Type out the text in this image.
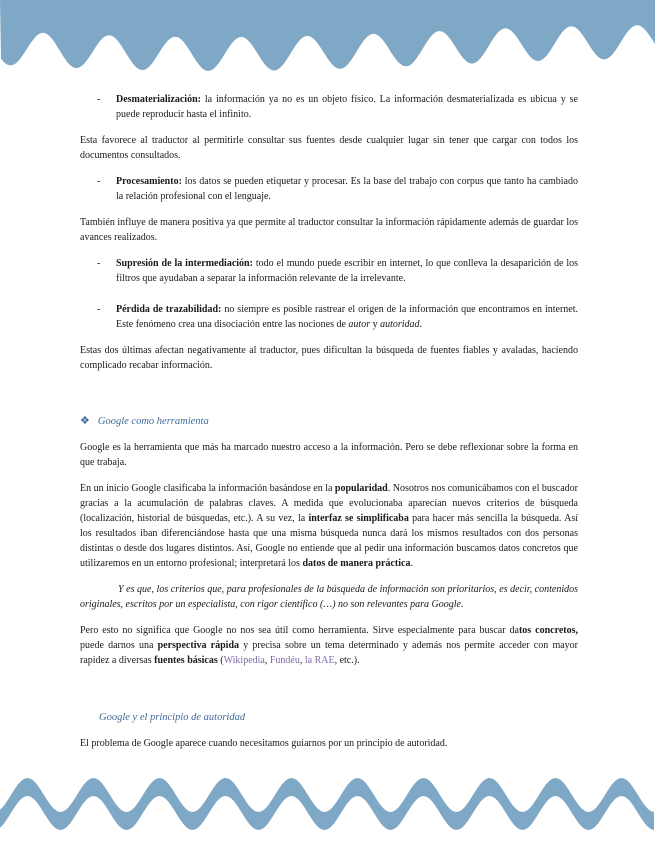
- Desmaterialización: la información ya no es un objeto físico. La información desmaterializada es ubicua y se puede reproducir hasta el infinito.

Esta favorece al traductor al permitirle consultar sus fuentes desde cualquier lugar sin tener que cargar con todos los documentos consultados.

- Procesamiento: los datos se pueden etiquetar y procesar. Es la base del trabajo con corpus que tanto ha cambiado la relación profesional con el lenguaje.

También influye de manera positiva ya que permite al traductor consultar la información rápidamente además de guardar los avances realizados.

- Supresión de la intermediación: todo el mundo puede escribir en internet, lo que conlleva la desaparición de los filtros que ayudaban a separar la información relevante de la irrelevante.

- Pérdida de trazabilidad: no siempre es posible rastrear el origen de la información que encontramos en internet. Este fenómeno crea una disociación entre las nociones de autor y autoridad.

Estas dos últimas afectan negativamente al traductor, pues dificultan la búsqueda de fuentes fiables y avaladas, haciendo complicado recabar información.

❖ Google como herramienta

Google es la herramienta que más ha marcado nuestro acceso a la información. Pero se debe reflexionar sobre la forma en que trabaja.

En un inicio Google clasificaba la información basándose en la popularidad. Nosotros nos comunicábamos con el buscador gracias a la acumulación de palabras claves. A medida que evolucionaba aparecían nuevos criterios de búsqueda (localización, historial de búsquedas, etc.). A su vez, la interfaz se simplificaba para hacer más sencilla la búsqueda. Así los resultados iban diferenciándose hasta que una misma búsqueda nunca dará los mismos resultados con dos personas distintas o desde dos lugares distintos. Así, Google no entiende que al pedir una información buscamos datos concretos que utilizaremos en un entorno profesional; interpretará los datos de manera práctica.

Y es que, los criterios que, para profesionales de la búsqueda de información son prioritarios, es decir, contenidos originales, escritos por un especialista, con rigor científico (…) no son relevantes para Google.

Pero esto no significa que Google no nos sea útil como herramienta. Sirve especialmente para buscar datos concretos, puede darnos una perspectiva rápida y precisa sobre un tema determinado y además nos permite acceder con mayor rapidez a diversas fuentes básicas (Wikipedia, Fundéu, la RAE, etc.).

Google y el principio de autoridad

El problema de Google aparece cuando necesitamos guiarnos por un principio de autoridad.
